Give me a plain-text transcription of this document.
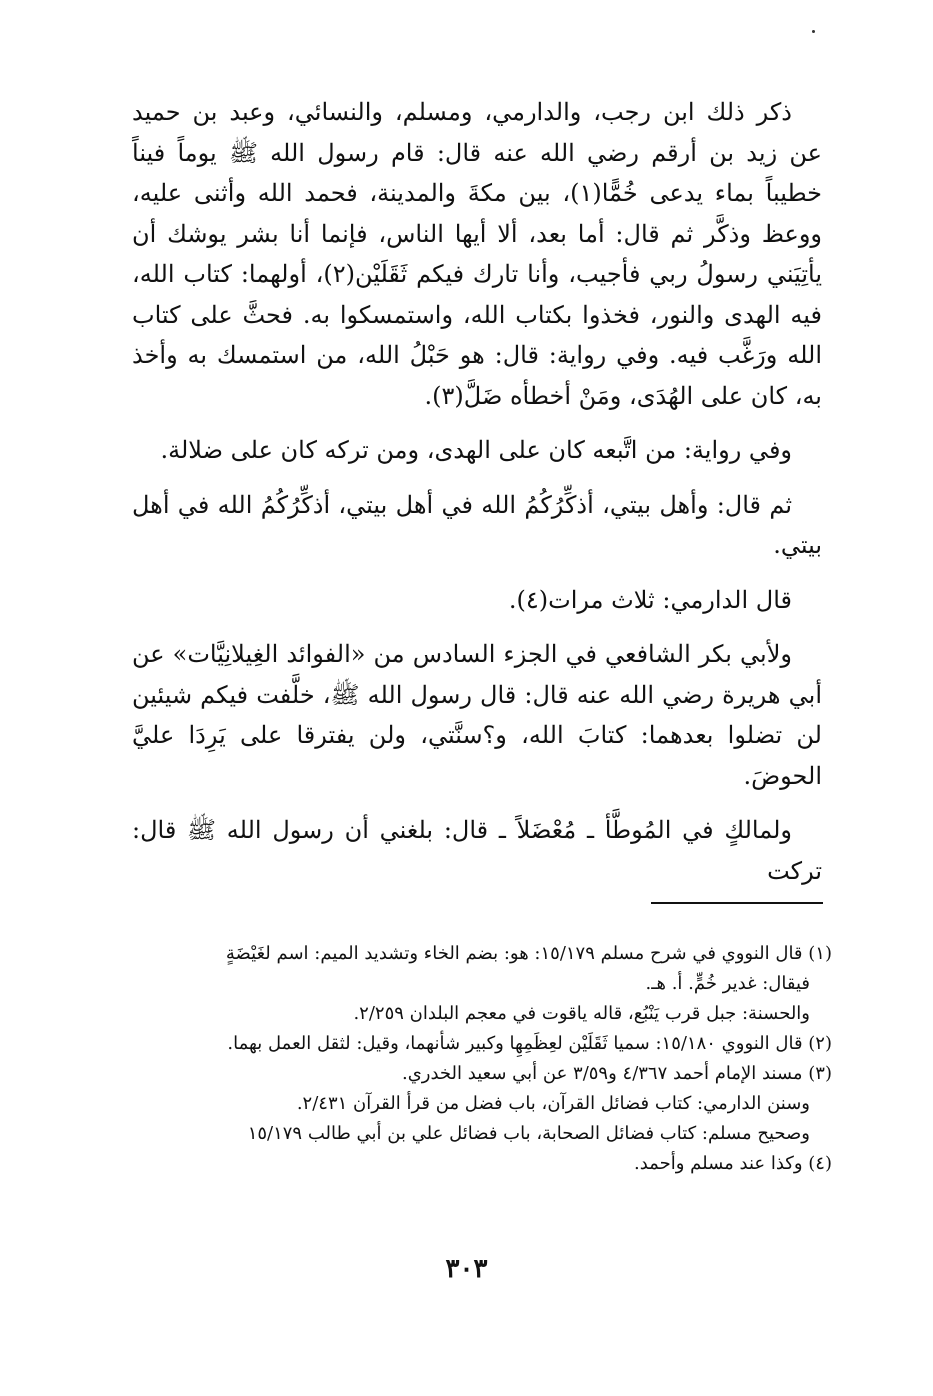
ذكر ذلك ابن رجب، والدارمي، ومسلم، والنسائي، وعبد بن حميد عن زيد بن أرقم رضي الله عنه قال: قام رسول الله ﷺ يوماً فيناً خطيباً بماء يدعى خُمًّا(١)، بين مكةَ والمدينة، فحمد الله وأثنى عليه، ووعظ وذكَّر ثم قال: أما بعد، ألا أيها الناس، فإنما أنا بشر يوشك أن يأتِيَني رسولُ ربي فأجيب، وأنا تارك فيكم ثَقَلَيْن(٢)، أولهما: كتاب الله، فيه الهدى والنور، فخذوا بكتاب الله، واستمسكوا به. فحثَّ على كتاب الله ورَغَّب فيه. وفي رواية: قال: هو حَبْلُ الله، من استمسك به وأخذ به، كان على الهُدَى، ومَنْ أخطأه ضَلَّ(٣).

وفي رواية: من اتَّبعه كان على الهدى، ومن تركه كان على ضلالة.

ثم قال: وأهل بيتي، أذكِّرُكُمُ الله في أهل بيتي، أذكِّرُكُمُ الله في أهل بيتي.

قال الدارمي: ثلاث مرات(٤).

ولأبي بكر الشافعي في الجزء السادس من «الفوائد الغِيلانِيَّات» عن أبي هريرة رضي الله عنه قال: قال رسول الله ﷺ، خلَّفت فيكم شيئين لن تضلوا بعدهما: كتابَ الله، و؟سنَّتي، ولن يفترقا على يَرِدَا عليَّ الحوضَ.

ولمالكٍ في المُوطَّأ ـ مُعْضَلاً ـ قال: بلغني أن رسول الله ﷺ قال: تركت

(١) قال النووي في شرح مسلم ١٥/١٧٩: هو: بضم الخاء وتشديد الميم: اسم لغَيْضَةٍ
فيقال: غدير خُمٍّ. أ. هـ.
والحسنة: جبل قرب يَنْبُع، قاله ياقوت في معجم البلدان ٢/٢٥٩.
(٢) قال النووي ١٥/١٨٠: سميا ثَقَلَيْن لعِظَمِهِا وكبير شأنهما، وقيل: لثقل العمل بهما.
(٣) مسند الإمام أحمد ٤/٣٦٧ و٣/٥٩ عن أبي سعيد الخدري.
وسنن الدارمي: كتاب فضائل القرآن، باب فضل من قرأ القرآن ٢/٤٣١.
وصحيح مسلم: كتاب فضائل الصحابة، باب فضائل علي بن أبي طالب ١٥/١٧٩
(٤) وكذا عند مسلم وأحمد.
٣٠٣
